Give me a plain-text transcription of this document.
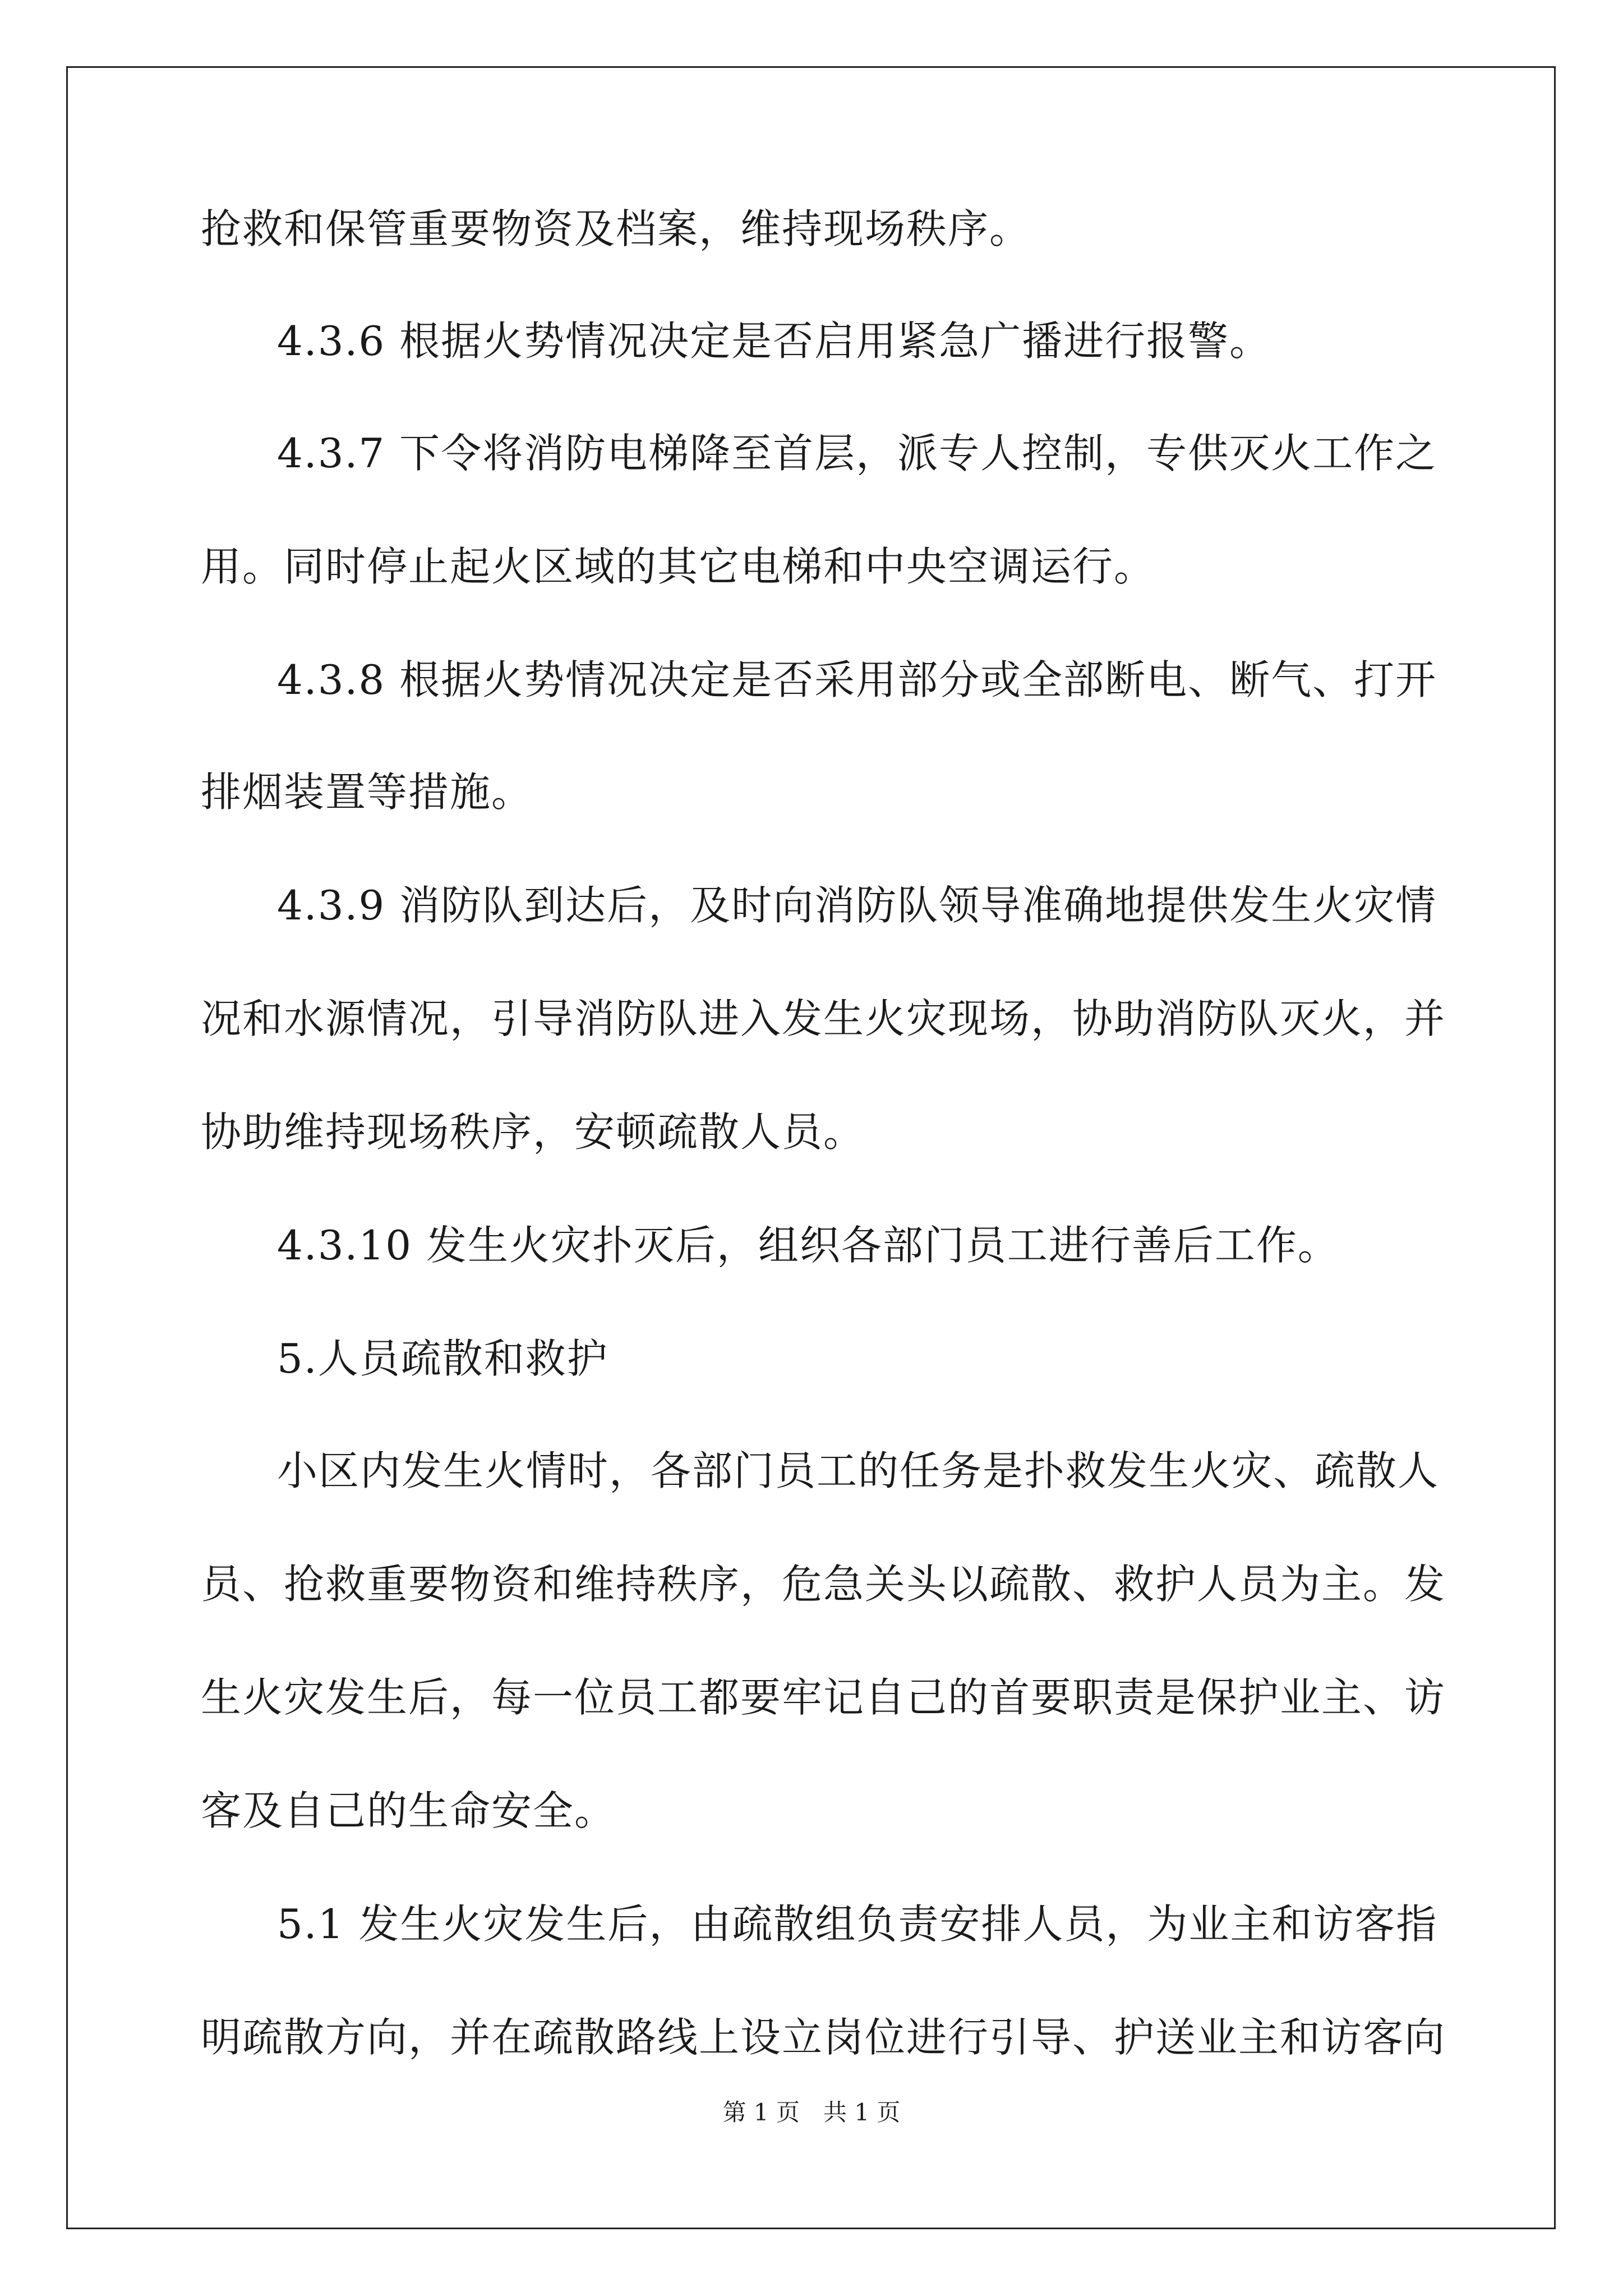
抢救和保管重要物资及档案，维持现场秩序。
4.3.6 根据火势情况决定是否启用紧急广播进行报警。
4.3.7 下令将消防电梯降至首层，派专人控制，专供灭火工作之
用。同时停止起火区域的其它电梯和中央空调运行。
4.3.8 根据火势情况决定是否采用部分或全部断电、断气、打开
排烟装置等措施。
4.3.9 消防队到达后，及时向消防队领导准确地提供发生火灾情
况和水源情况，引导消防队进入发生火灾现场，协助消防队灭火，并
协助维持现场秩序，安顿疏散人员。
4.3.10 发生火灾扑灭后，组织各部门员工进行善后工作。
5.人员疏散和救护
小区内发生火情时，各部门员工的任务是扑救发生火灾、疏散人
员、抢救重要物资和维持秩序，危急关头以疏散、救护人员为主。发
生火灾发生后，每一位员工都要牢记自己的首要职责是保护业主、访
客及自己的生命安全。
5.1 发生火灾发生后，由疏散组负责安排人员，为业主和访客指
明疏散方向，并在疏散路线上设立岗位进行引导、护送业主和访客向
第 1 页　共 1 页
